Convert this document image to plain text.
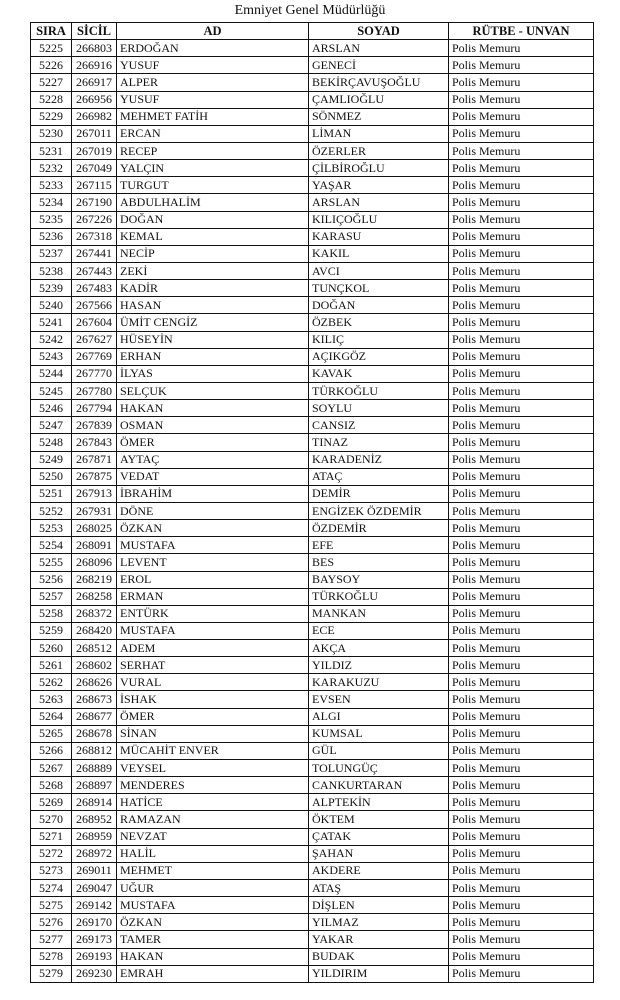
Emniyet Genel Müdürlüğü
SIRA	SİCİL	AD	SOYAD	RÜTBE - UNVAN
5225	266803	ERDOĞAN	ARSLAN	Polis Memuru
5226	266916	YUSUF	GENECİ	Polis Memuru
5227	266917	ALPER	BEKİRÇAVUŞOĞLU	Polis Memuru
5228	266956	YUSUF	ÇAMLIOĞLU	Polis Memuru
5229	266982	MEHMET FATİH	SÖNMEZ	Polis Memuru
5230	267011	ERCAN	LİMAN	Polis Memuru
5231	267019	RECEP	ÖZERLER	Polis Memuru
5232	267049	YALÇIN	ÇİLBİROĞLU	Polis Memuru
5233	267115	TURGUT	YAŞAR	Polis Memuru
5234	267190	ABDULHALİM	ARSLAN	Polis Memuru
5235	267226	DOĞAN	KILIÇOĞLU	Polis Memuru
5236	267318	KEMAL	KARASU	Polis Memuru
5237	267441	NECİP	KAKIL	Polis Memuru
5238	267443	ZEKİ	AVCI	Polis Memuru
5239	267483	KADİR	TUNÇKOL	Polis Memuru
5240	267566	HASAN	DOĞAN	Polis Memuru
5241	267604	ÜMİT CENGİZ	ÖZBEK	Polis Memuru
5242	267627	HÜSEYİN	KILIÇ	Polis Memuru
5243	267769	ERHAN	AÇIKGÖZ	Polis Memuru
5244	267770	İLYAS	KAVAK	Polis Memuru
5245	267780	SELÇUK	TÜRKOĞLU	Polis Memuru
5246	267794	HAKAN	SOYLU	Polis Memuru
5247	267839	OSMAN	CANSIZ	Polis Memuru
5248	267843	ÖMER	TINAZ	Polis Memuru
5249	267871	AYTAÇ	KARADENİZ	Polis Memuru
5250	267875	VEDAT	ATAÇ	Polis Memuru
5251	267913	İBRAHİM	DEMİR	Polis Memuru
5252	267931	DÖNE	ENGİZEK ÖZDEMİR	Polis Memuru
5253	268025	ÖZKAN	ÖZDEMİR	Polis Memuru
5254	268091	MUSTAFA	EFE	Polis Memuru
5255	268096	LEVENT	BES	Polis Memuru
5256	268219	EROL	BAYSOY	Polis Memuru
5257	268258	ERMAN	TÜRKOĞLU	Polis Memuru
5258	268372	ENTÜRK	MANKAN	Polis Memuru
5259	268420	MUSTAFA	ECE	Polis Memuru
5260	268512	ADEM	AKÇA	Polis Memuru
5261	268602	SERHAT	YILDIZ	Polis Memuru
5262	268626	VURAL	KARAKUZU	Polis Memuru
5263	268673	İSHAK	EVSEN	Polis Memuru
5264	268677	ÖMER	ALGI	Polis Memuru
5265	268678	SİNAN	KUMSAL	Polis Memuru
5266	268812	MÜCAHİT ENVER	GÜL	Polis Memuru
5267	268889	VEYSEL	TOLUNGÜÇ	Polis Memuru
5268	268897	MENDERES	CANKURTARAN	Polis Memuru
5269	268914	HATİCE	ALPTEKİN	Polis Memuru
5270	268952	RAMAZAN	ÖKTEM	Polis Memuru
5271	268959	NEVZAT	ÇATAK	Polis Memuru
5272	268972	HALİL	ŞAHAN	Polis Memuru
5273	269011	MEHMET	AKDERE	Polis Memuru
5274	269047	UĞUR	ATAŞ	Polis Memuru
5275	269142	MUSTAFA	DİŞLEN	Polis Memuru
5276	269170	ÖZKAN	YILMAZ	Polis Memuru
5277	269173	TAMER	YAKAR	Polis Memuru
5278	269193	HAKAN	BUDAK	Polis Memuru
5279	269230	EMRAH	YILDIRIM	Polis Memuru
